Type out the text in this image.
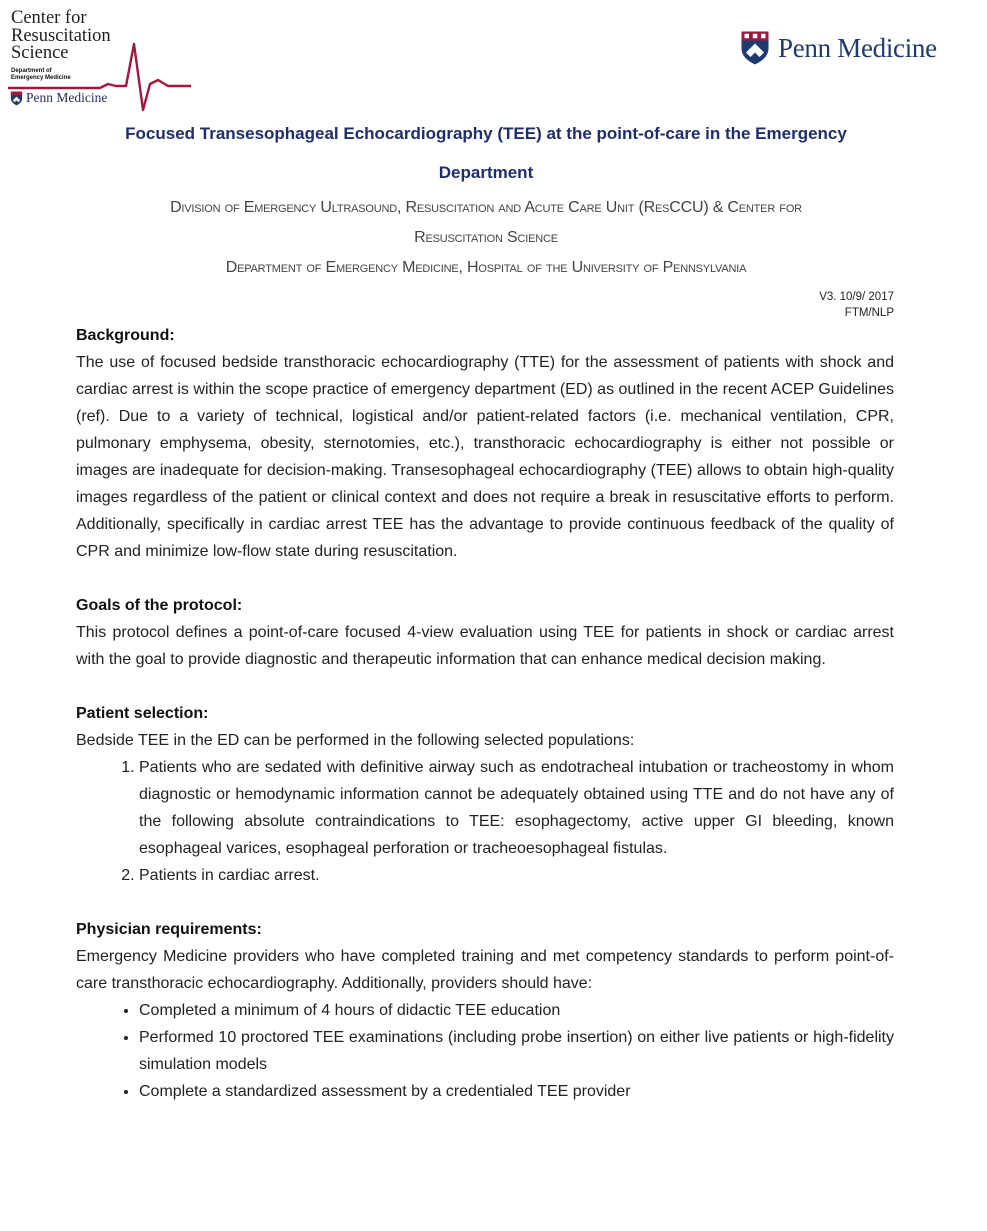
Center for
Resuscitation
Science
Department of
Emergency Medicine
Penn Medicine
Penn Medicine
Focused Transesophageal Echocardiography (TEE) at the point-of-care in the Emergency
Department
Division of Emergency Ultrasound, Resuscitation and Acute Care Unit (ResCCU) & Center for
Resuscitation Science
Department of Emergency Medicine, Hospital of the University of Pennsylvania
V3. 10/9/ 2017
FTM/NLP
Background:

The use of focused bedside transthoracic echocardiography (TTE) for the assessment of patients with shock and cardiac arrest is within the scope practice of emergency department (ED) as outlined in the recent ACEP Guidelines (ref). Due to a variety of technical, logistical and/or patient-related factors (i.e. mechanical ventilation, CPR, pulmonary emphysema, obesity, sternotomies, etc.), transthoracic echocardiography is either not possible or images are inadequate for decision-making. Transesophageal echocardiography (TEE) allows to obtain high-quality images regardless of the patient or clinical context and does not require a break in resuscitative efforts to perform. Additionally, specifically in cardiac arrest TEE has the advantage to provide continuous feedback of the quality of CPR and minimize low-flow state during resuscitation.

Goals of the protocol:

This protocol defines a point-of-care focused 4-view evaluation using TEE for patients in shock or cardiac arrest with the goal to provide diagnostic and therapeutic information that can enhance medical decision making.

Patient selection:

Bedside TEE in the ED can be performed in the following selected populations:

1. Patients who are sedated with definitive airway such as endotracheal intubation or tracheostomy in whom diagnostic or hemodynamic information cannot be adequately obtained using TTE and do not have any of the following absolute contraindications to TEE: esophagectomy, active upper GI bleeding, known esophageal varices, esophageal perforation or tracheoesophageal fistulas.
2. Patients in cardiac arrest.
Physician requirements:

Emergency Medicine providers who have completed training and met competency standards to perform point-of-care transthoracic echocardiography. Additionally, providers should have:

• Completed a minimum of 4 hours of didactic TEE education
• Performed 10 proctored TEE examinations (including probe insertion) on either live patients or high-fidelity simulation models
• Complete a standardized assessment by a credentialed TEE provider
